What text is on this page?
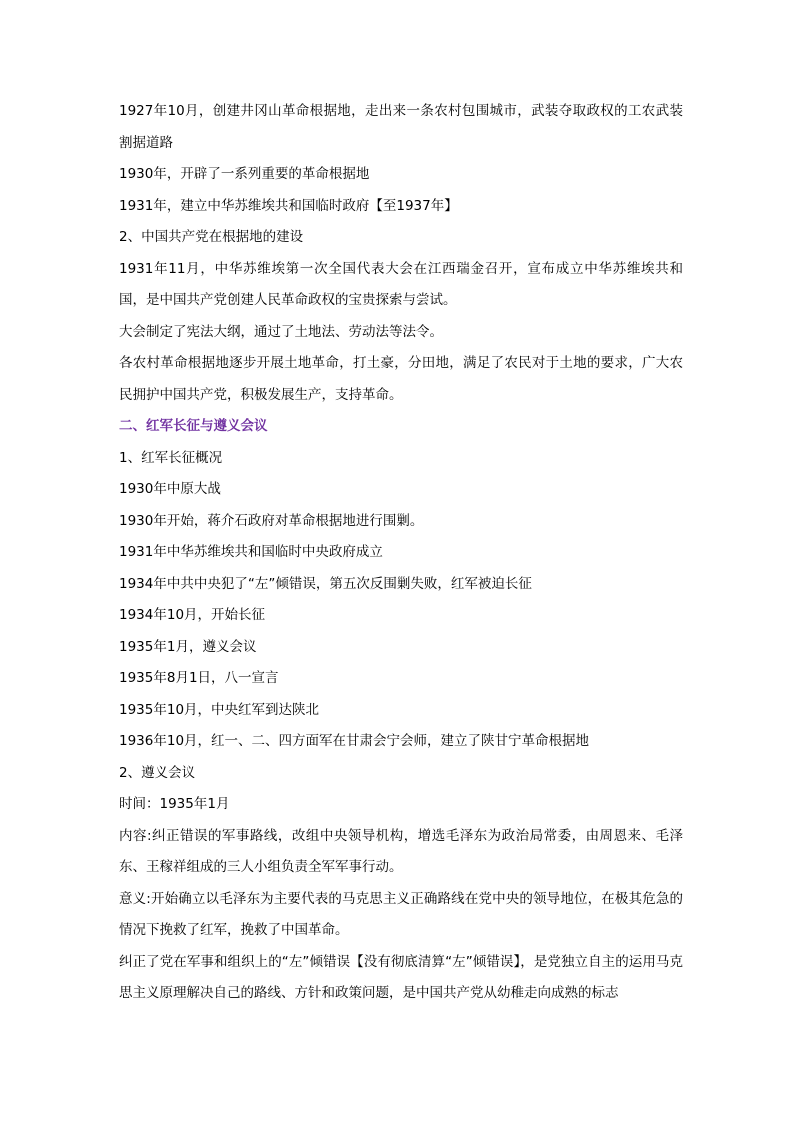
1927年10月，创建井冈山革命根据地，走出来一条农村包围城市，武装夺取政权的工农武装割据道路

1930年，开辟了一系列重要的革命根据地

1931年，建立中华苏维埃共和国临时政府【至1937年】

2、中国共产党在根据地的建设

1931年11月，中华苏维埃第一次全国代表大会在江西瑞金召开，宣布成立中华苏维埃共和国，是中国共产党创建人民革命政权的宝贵探索与尝试。

大会制定了宪法大纲，通过了土地法、劳动法等法令。

各农村革命根据地逐步开展土地革命，打土豪，分田地，满足了农民对于土地的要求，广大农民拥护中国共产党，积极发展生产，支持革命。

二、红军长征与遵义会议

1、红军长征概况

1930年中原大战

1930年开始，蒋介石政府对革命根据地进行围剿。

1931年中华苏维埃共和国临时中央政府成立

1934年中共中央犯了“左”倾错误，第五次反围剿失败，红军被迫长征

1934年10月，开始长征

1935年1月，遵义会议

1935年8月1日，八一宣言

1935年10月，中央红军到达陕北

1936年10月，红一、二、四方面军在甘肃会宁会师，建立了陕甘宁革命根据地

2、遵义会议

时间：1935年1月

内容:纠正错误的军事路线，改组中央领导机构，增选毛泽东为政治局常委，由周恩来、毛泽东、王稼祥组成的三人小组负责全军军事行动。

意义:开始确立以毛泽东为主要代表的马克思主义正确路线在党中央的领导地位，在极其危急的情况下挽救了红军，挽救了中国革命。

纠正了党在军事和组织上的“左”倾错误【没有彻底清算“左”倾错误】，是党独立自主的运用马克思主义原理解决自己的路线、方针和政策问题，是中国共产党从幼稚走向成熟的标志
